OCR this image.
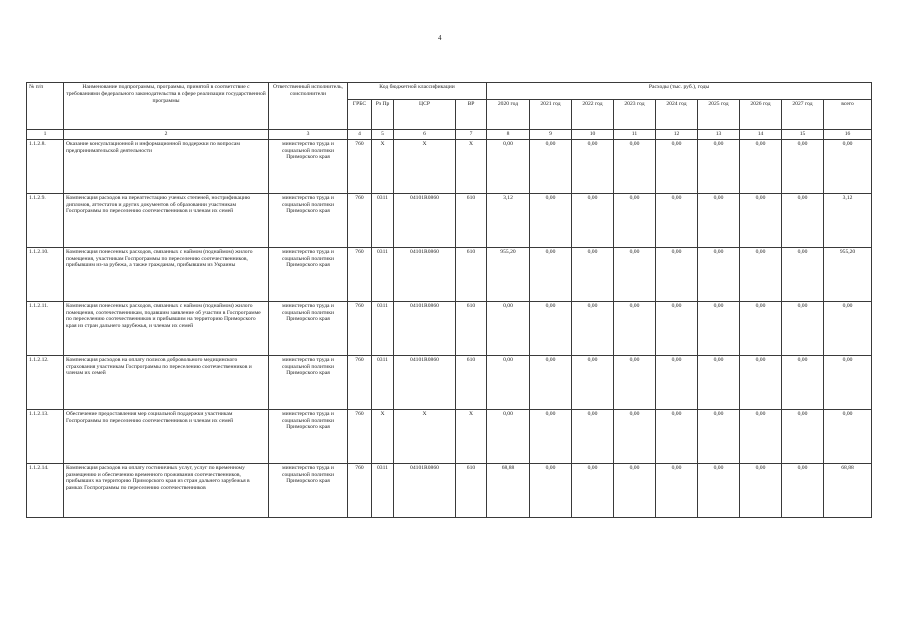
4
№ п/п	Наименование подпрограммы, программы, принятой в соответствие с требованиями федерального законодательства в сфере реализации государственной программы	Ответственный исполнитель, соисполнители	Код бюджетной классификации				Расходы (тыс. руб.), годы								
			ГРБС	Рз Пр	ЦСР	ВР	2020 год	2021 год	2022 год	2023 год	2024 год	2025 год	2026 год	2027 год	всего
1	2	3	4	5	6	7	8	9	10	11	12	13	14	15	16
1.1.2.8.	Оказание консультационной и информационной поддержки по вопросам предпринимательской деятельности	министерство труда и социальной политики Приморского края	760	X	X	X	0,00	0,00	0,00	0,00	0,00	0,00	0,00	0,00	0,00
1.1.2.9.	Компенсация расходов на переаттестацию ученых степеней, нострификацию дипломов, аттестатов и других документов об образовании участникам Госпрограммы по переселению соотечественников и членам их семей	министерство труда и социальной политики Приморского края	760	0311	04101R0860	610	3,12	0,00	0,00	0,00	0,00	0,00	0,00	0,00	3,12
1.1.2.10.	Компенсация понесенных расходов, связанных с наймом (поднаймом) жилого помещения, участникам Госпрограммы по переселению соотечественников, прибывшим из-за рубежа, а также гражданам, прибывшим из Украины	министерство труда и социальной политики Приморского края	760	0311	04101R0860	610	955,20	0,00	0,00	0,00	0,00	0,00	0,00	0,00	955,20
1.1.2.11.	Компенсация понесенных расходов, связанных с наймом (поднаймом) жилого помещения, соотечественникам, подавшим заявление об участии в Госпрограмме по переселению соотечественников и прибывшим на территорию Приморского края из стран дальнего зарубежья, и членам их семей	министерство труда и социальной политики Приморского края	760	0311	04101R0860	610	0,00	0,00	0,00	0,00	0,00	0,00	0,00	0,00	0,00
1.1.2.12.	Компенсация расходов на оплату полисов добровольного медицинского страхования участникам Госпрограммы по переселению соотечественников и членам их семей	министерство труда и социальной политики Приморского края	760	0311	04101R0860	610	0,00	0,00	0,00	0,00	0,00	0,00	0,00	0,00	0,00
1.1.2.13.	Обеспечение предоставления мер социальной поддержки участникам Госпрограммы по переселению соотечественников и членам их семей	министерство труда и социальной политики Приморского края	760	X	X	X	0,00	0,00	0,00	0,00	0,00	0,00	0,00	0,00	0,00
1.1.2.14.	Компенсация расходов на оплату гостиничных услуг, услуг по временному размещению и обеспечению временного проживания соотечественников, прибывших на территорию Приморского края из стран дальнего зарубежья в рамках Госпрограммы по переселению соотечественников	министерство труда и социальной политики Приморского края	760	0311	04101R0860	610	68,88	0,00	0,00	0,00	0,00	0,00	0,00	0,00	68,88
